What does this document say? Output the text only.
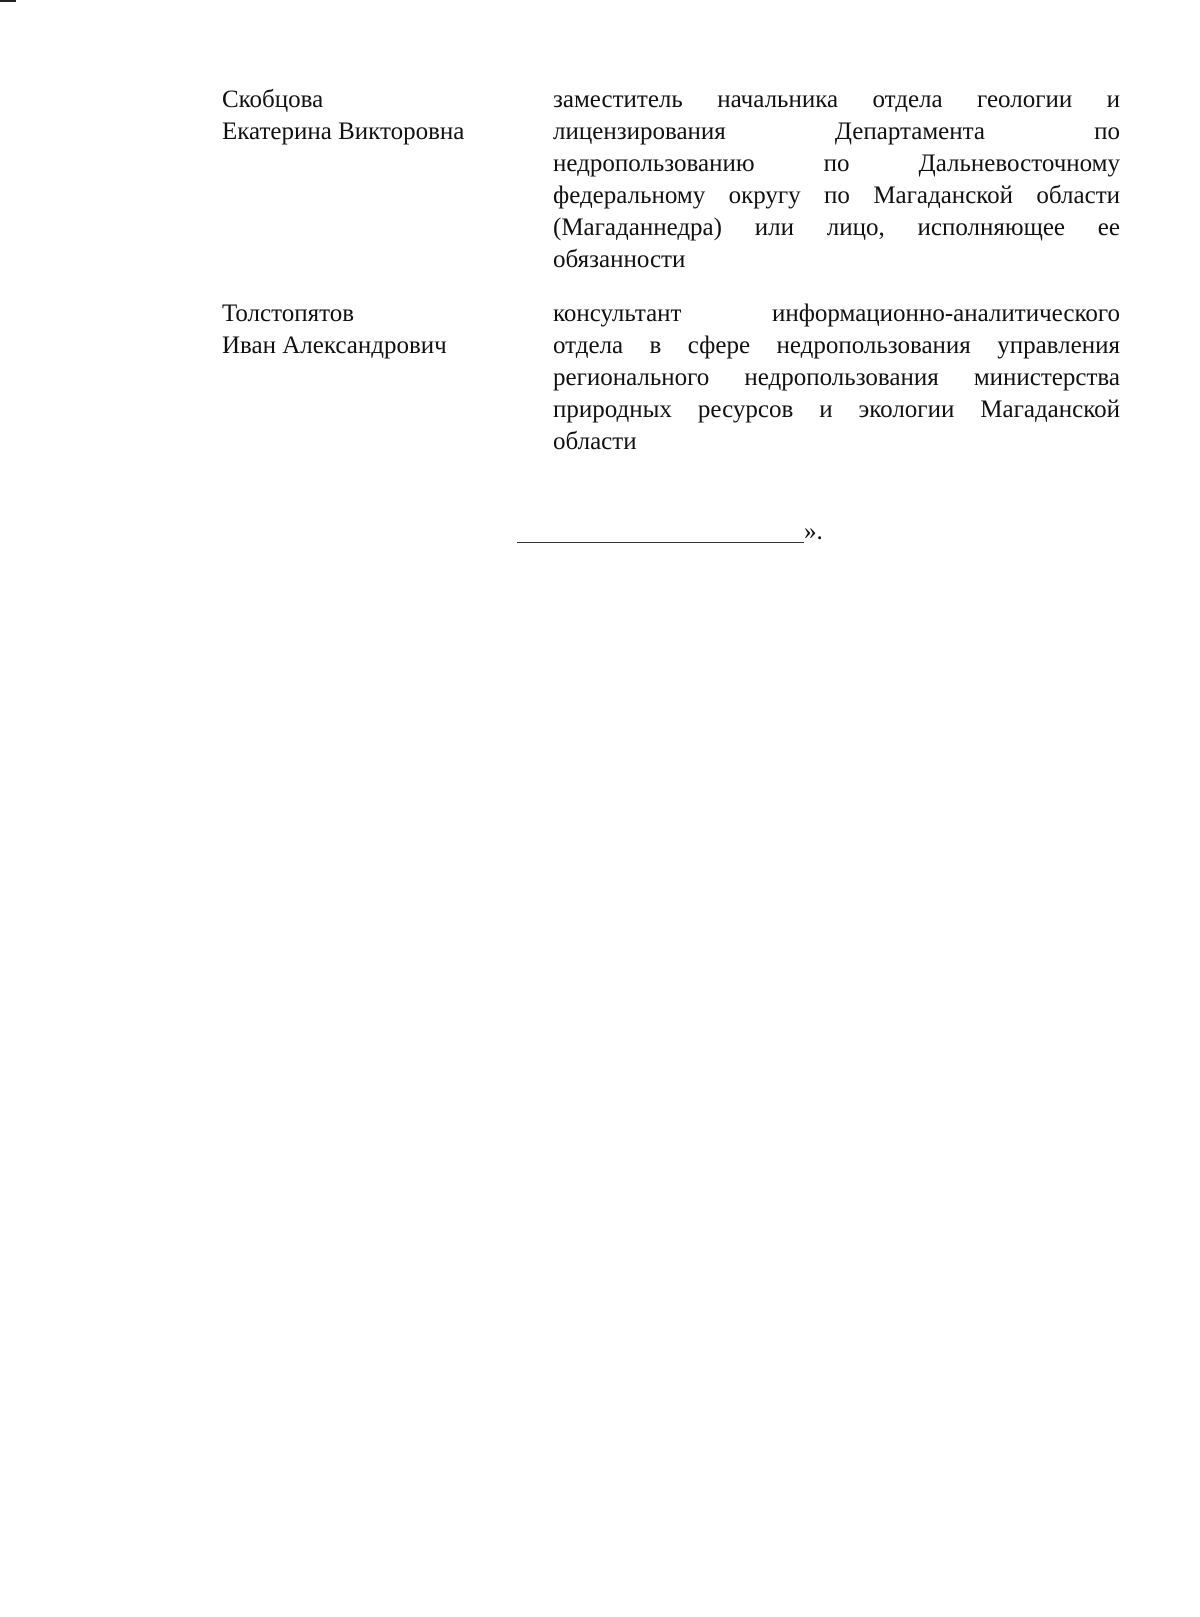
Скобцова
Екатерина Викторовна
заместитель начальника отдела геологии и
лицензирования Департамента по
недропользованию по Дальневосточному
федеральному округу по Магаданской области
(Магаданнедра) или лицо, исполняющее ее
обязанности
Толстопятов
Иван Александрович
консультант информационно-аналитического
отдела в сфере недропользования управления
регионального недропользования министерства
природных ресурсов и экологии Магаданской
области
».
